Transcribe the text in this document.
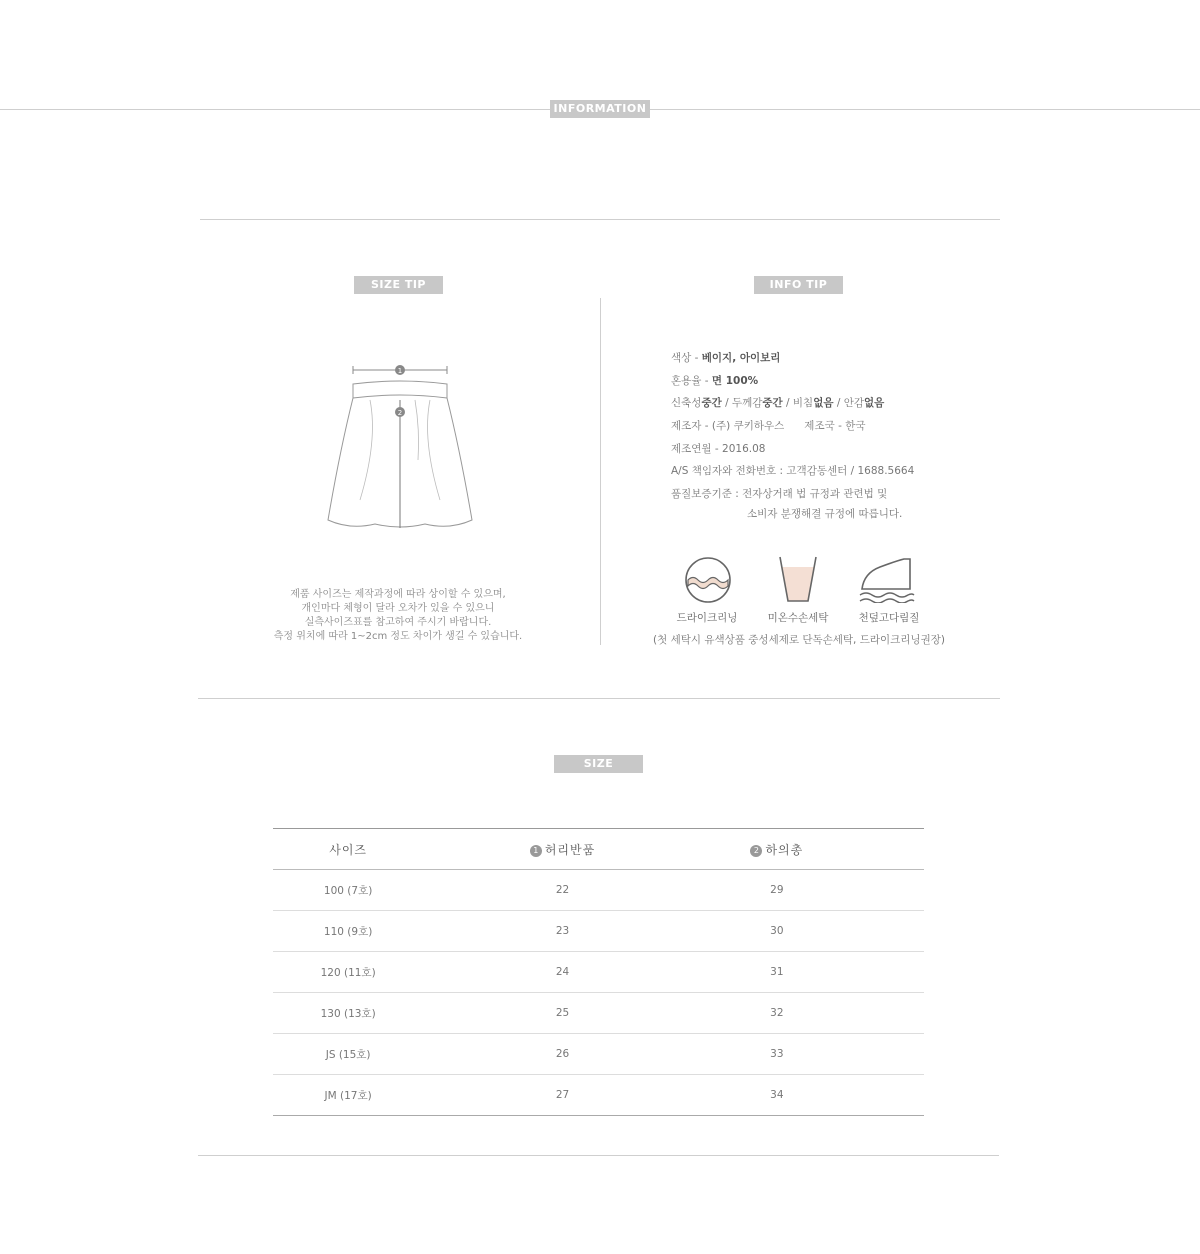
INFORMATION
SIZE TIP
1
2
제품 사이즈는 제작과정에 따라 상이할 수 있으며,
개인마다 체형이 달라 오차가 있을 수 있으니
실측사이즈표를 참고하여 주시기 바랍니다.
측정 위치에 따라 1~2cm 정도 차이가 생길 수 있습니다.
INFO TIP
색상 - 베이지, 아이보리
혼용율 - 면 100%
신축성중간 / 두께감중간 / 비침없음 / 안감없음
제조자 - (주) 쿠키하우스 제조국 - 한국
제조연월 - 2016.08
A/S 책임자와 전화번호 : 고객감동센터 / 1688.5664
품질보증기준 : 전자상거래 법 규정과 관련법 및
소비자 분쟁해결 규정에 따릅니다.
드라이크리닝	미온수손세탁	천덮고다림질
(첫 세탁시 유색상품 중성세제로 단독손세탁, 드라이크리닝권장)
SIZE
사이즈	1 허리반품	2 하의총	
100 (7호)	22	29	
110 (9호)	23	30	
120 (11호)	24	31	
130 (13호)	25	32	
JS (15호)	26	33	
JM (17호)	27	34	
